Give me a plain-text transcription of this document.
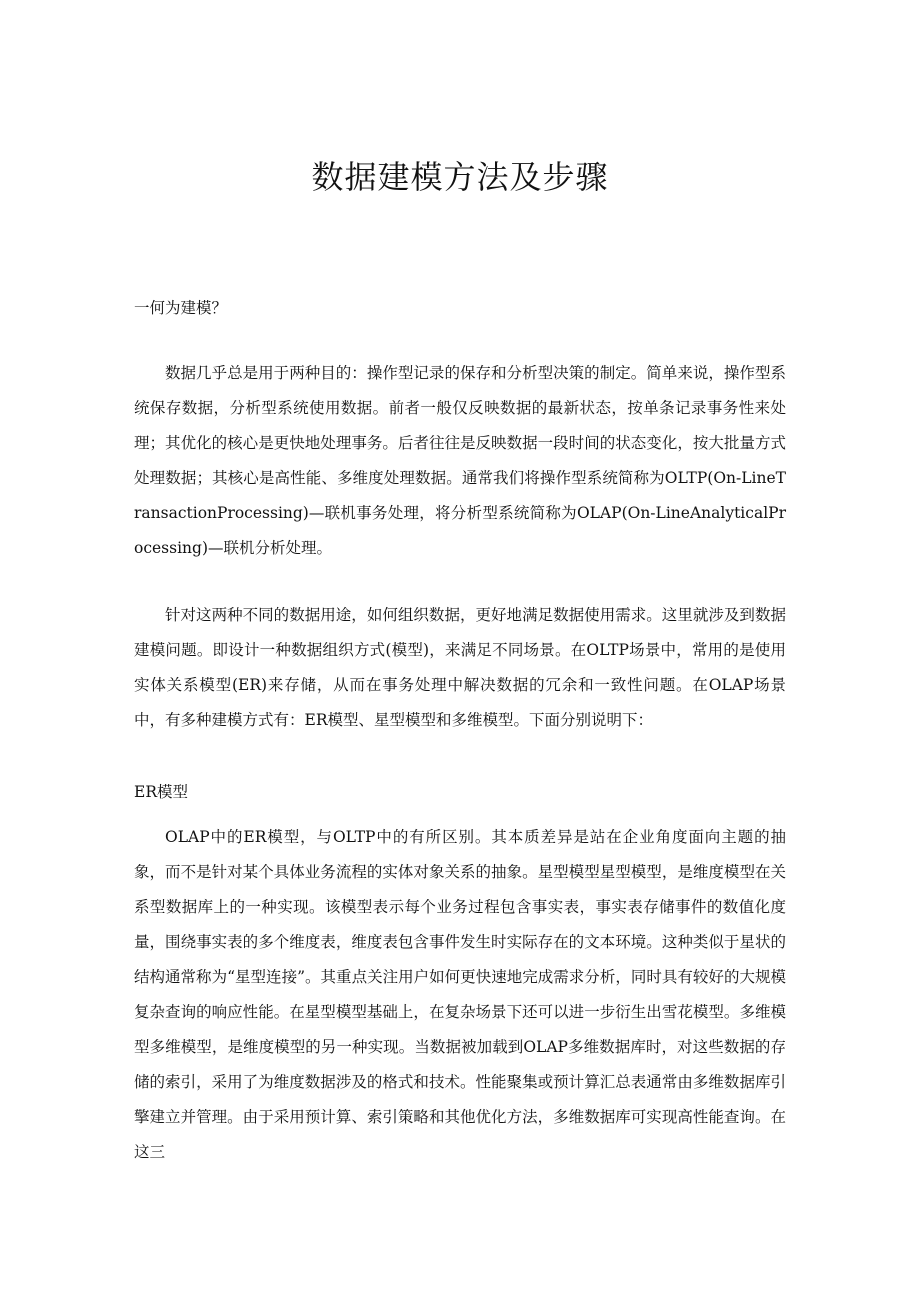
数据建模方法及步骤

一何为建模？

数据几乎总是用于两种目的：操作型记录的保存和分析型决策的制定。简单来说，操作型系统保存数据，分析型系统使用数据。前者一般仅反映数据的最新状态，按单条记录事务性来处理；其优化的核心是更快地处理事务。后者往往是反映数据一段时间的状态变化，按大批量方式处理数据；其核心是高性能、多维度处理数据。通常我们将操作型系统简称为OLTP(On-LineTransactionProcessing)—联机事务处理，将分析型系统简称为OLAP(On-LineAnalyticalProcessing)—联机分析处理。

针对这两种不同的数据用途，如何组织数据，更好地满足数据使用需求。这里就涉及到数据建模问题。即设计一种数据组织方式(模型)，来满足不同场景。在OLTP场景中，常用的是使用实体关系模型(ER)来存储，从而在事务处理中解决数据的冗余和一致性问题。在OLAP场景中，有多种建模方式有：ER模型、星型模型和多维模型。下面分别说明下：

ER模型

OLAP中的ER模型，与OLTP中的有所区别。其本质差异是站在企业角度面向主题的抽象，而不是针对某个具体业务流程的实体对象关系的抽象。星型模型星型模型，是维度模型在关系型数据库上的一种实现。该模型表示每个业务过程包含事实表，事实表存储事件的数值化度量，围绕事实表的多个维度表，维度表包含事件发生时实际存在的文本环境。这种类似于星状的结构通常称为“星型连接”。其重点关注用户如何更快速地完成需求分析，同时具有较好的大规模复杂查询的响应性能。在星型模型基础上，在复杂场景下还可以进一步衍生出雪花模型。多维模型多维模型，是维度模型的另一种实现。当数据被加载到OLAP多维数据库时，对这些数据的存储的索引，采用了为维度数据涉及的格式和技术。性能聚集或预计算汇总表通常由多维数据库引擎建立并管理。由于采用预计算、索引策略和其他优化方法，多维数据库可实现高性能查询。在这三
